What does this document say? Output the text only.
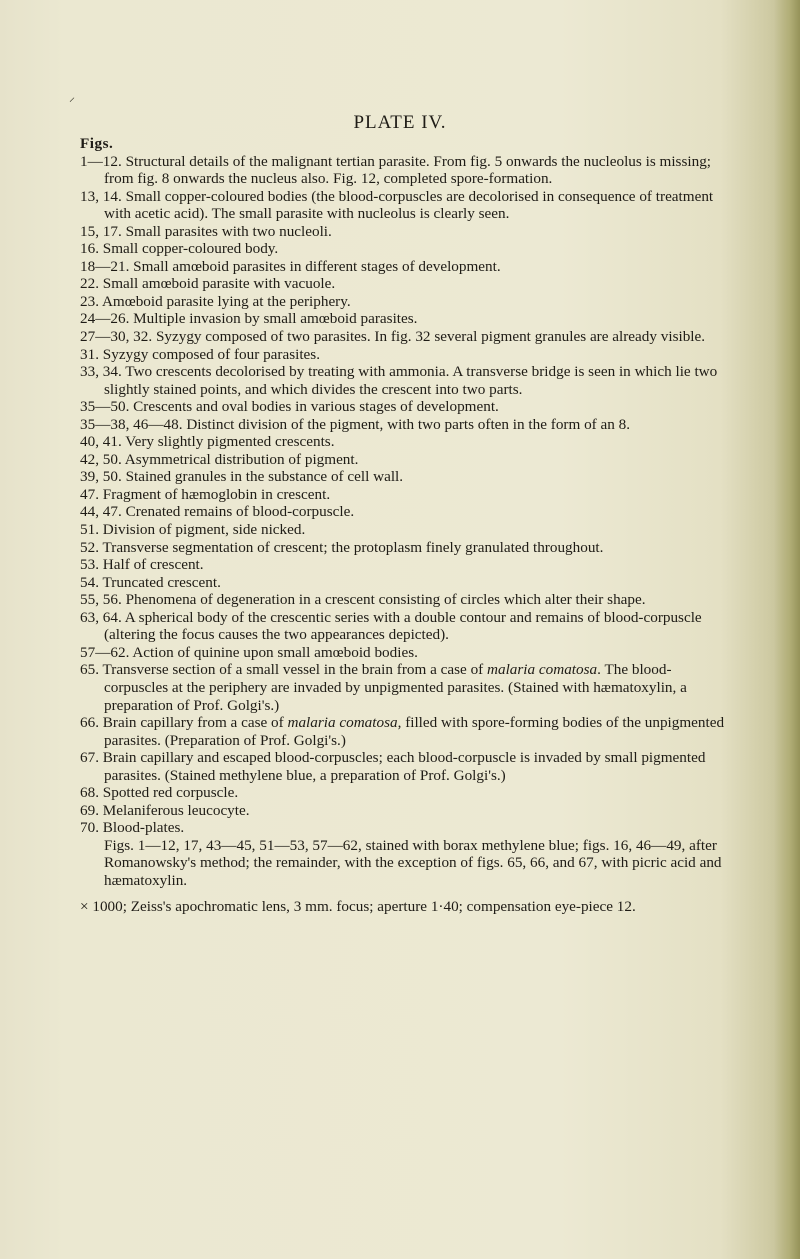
⸝
PLATE IV.
Figs.
1—12. Structural details of the malignant tertian parasite. From fig. 5 onwards the nucleolus is missing; from fig. 8 onwards the nucleus also. Fig. 12, completed spore-formation.
13, 14. Small copper-coloured bodies (the blood-corpuscles are decolorised in consequence of treatment with acetic acid). The small parasite with nucleolus is clearly seen.
15, 17. Small parasites with two nucleoli.
16. Small copper-coloured body.
18—21. Small amœboid parasites in different stages of development.
22. Small amœboid parasite with vacuole.
23. Amœboid parasite lying at the periphery.
24—26. Multiple invasion by small amœboid parasites.
27—30, 32. Syzygy composed of two parasites. In fig. 32 several pigment granules are already visible.
31. Syzygy composed of four parasites.
33, 34. Two crescents decolorised by treating with ammonia. A transverse bridge is seen in which lie two slightly stained points, and which divides the crescent into two parts.
35—50. Crescents and oval bodies in various stages of development.
35—38, 46—48. Distinct division of the pigment, with two parts often in the form of an 8.
40, 41. Very slightly pigmented crescents.
42, 50. Asymmetrical distribution of pigment.
39, 50. Stained granules in the substance of cell wall.
47. Fragment of hæmoglobin in crescent.
44, 47. Crenated remains of blood-corpuscle.
51. Division of pigment, side nicked.
52. Transverse segmentation of crescent; the protoplasm finely granulated throughout.
53. Half of crescent.
54. Truncated crescent.
55, 56. Phenomena of degeneration in a crescent consisting of circles which alter their shape.
63, 64. A spherical body of the crescentic series with a double contour and remains of blood-corpuscle (altering the focus causes the two appearances depicted).
57—62. Action of quinine upon small amœboid bodies.
65. Transverse section of a small vessel in the brain from a case of malaria comatosa. The blood-corpuscles at the periphery are invaded by unpigmented parasites. (Stained with hæmatoxylin, a preparation of Prof. Golgi's.)
66. Brain capillary from a case of malaria comatosa, filled with spore-forming bodies of the unpigmented parasites. (Preparation of Prof. Golgi's.)
67. Brain capillary and escaped blood-corpuscles; each blood-corpuscle is invaded by small pigmented parasites. (Stained methylene blue, a preparation of Prof. Golgi's.)
68. Spotted red corpuscle.
69. Melaniferous leucocyte.
70. Blood-plates.
Figs. 1—12, 17, 43—45, 51—53, 57—62, stained with borax methylene blue; figs. 16, 46—49, after Romanowsky's method; the remainder, with the exception of figs. 65, 66, and 67, with picric acid and hæmatoxylin.
× 1000; Zeiss's apochromatic lens, 3 mm. focus; aperture 1·40; compensation eye-piece 12.
